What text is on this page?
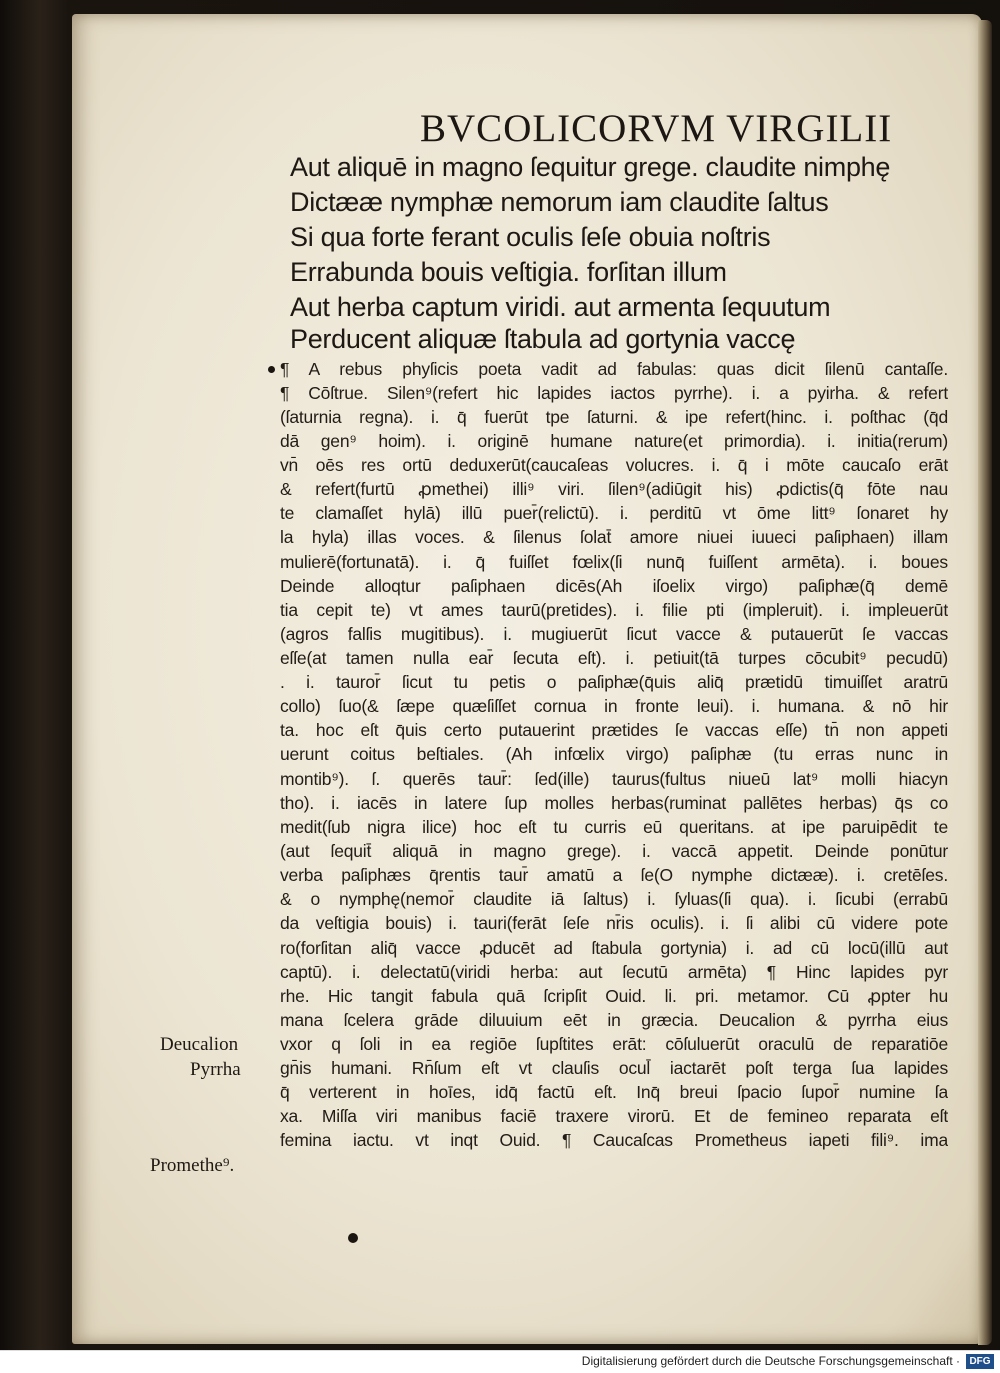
BVCOLICORVM VIRGILII
Aut aliquē in magno ſequitur grege. claudite nimphę
Dictææ nymphæ nemorum iam claudite ſaltus
Si qua forte ferant oculis ſeſe obuia noſtris
Errabunda bouis veſtigia. forſitan illum
Aut herba captum viridi. aut armenta ſequutum
Perducent aliquæ ſtabula ad gortynia vaccę
¶ A rebus phyſicis poeta vadit ad fabulas: quas dicit ſilenū cantaſſe.
¶ Cōſtrue. Silen⁹(refert hic lapides iactos pyrrhe). i. a pyirha. & refert
(ſaturnia regna). i. q̄ fuerūt tpe ſaturni. & ipe refert(hinc. i. poſthac (q̄d
dā gen⁹ hoim). i. originē humane nature(et primordia). i. initia(rerum)
vn̄ oēs res ortū deduxerūt(caucaſeas volucres. i. q̄ i mōte caucaſo erāt
& refert(furtū ꝓmethei) illi⁹ viri. ſilen⁹(adiūgit his) ꝓdictis(q̄ fōte nau
te clamaſſet hylā) illū puer̄(relictū). i. perditū vt ōme litt⁹ ſonaret hy
la hyla) illas voces. & ſilenus ſolat̄ amore niuei iuueci paſiphaen) illam
mulierē(fortunatā). i. q̄ fuiſſet fœlix(ſi nunq̄ fuiſſent armēta). i. boues
Deinde alloqtur paſiphaen dicēs(Ah iſoelix virgo) paſiphæ(q̄ demē
tia cepit te) vt ames taurū(pretides). i. filie pti (impleruit). i. impleuerūt
(agros falſis mugitibus). i. mugiuerūt ſicut vacce & putauerūt ſe vaccas
eſſe(at tamen nulla ear̄ ſecuta eſt). i. petiuit(tā turpes cōcubit⁹ pecudū)
. i. tauror̄ ſicut tu petis o paſiphæ(q̄uis aliq̄ prætidū timuiſſet aratrū
collo) ſuo(& ſæpe quæſiſſet cornua in fronte leui). i. humana. & nō hir
ta. hoc eſt q̄uis certo putauerint prætides ſe vaccas eſſe) tn̄ non appeti
uerunt coitus beſtiales. (Ah infœlix virgo) paſiphæ (tu erras nunc in
montib⁹). ſ. querēs taur̄: ſed(ille) taurus(fultus niueū lat⁹ molli hiacyn
tho). i. iacēs in latere ſup molles herbas(ruminat pallētes herbas) q̄s co
medit(ſub nigra ilice) hoc eſt tu curris eū queritans. at ipe paruipēdit te
(aut ſequit̄ aliquā in magno grege). i. vaccā appetit. Deinde ponūtur
verba paſiphæs q̄rentis taur̄ amatū a ſe(O nymphe dictææ). i. cretēſes.
& o nymphę(nemor̄ claudite iā ſaltus) i. ſyluas(ſi qua). i. ſicubi (errabū
da veſtigia bouis) i. tauri(ferāt ſeſe nr̄is oculis). i. ſi alibi cū videre pote
ro(forſitan aliq̄ vacce ꝓducēt ad ſtabula gortynia) i. ad cū locū(illū aut
captū). i. delectatū(viridi herba: aut ſecutū armēta) ¶ Hinc lapides pyr
rhe. Hic tangit fabula quā ſcripſit Ouid. li. pri. metamor. Cū ꝓpter hu
mana ſcelera grāde diluuium eēt in græcia. Deucalion & pyrrha eius
vxor q ſoli in ea regiōe ſupſtites erāt: cōſuluerūt oraculū de reparatiōe
gn̄is humani. Rn̄ſum eſt vt clauſis ocul̄ iactarēt poſt terga ſua lapides
q̄ verterent in hoīes, idq̄ factū eſt. Inq̄ breui ſpacio ſupor̄ numine ſa
xa. Miſſa viri manibus faciē traxere virorū. Et de femineo reparata eſt
femina iactu. vt inqt Ouid. ¶ Caucaſcas Prometheus iapeti fili⁹. ima
Deucalion
Pyrrha
Promethe⁹.
Digitalisierung gefördert durch die Deutsche Forschungsgemeinschaft · DFG
